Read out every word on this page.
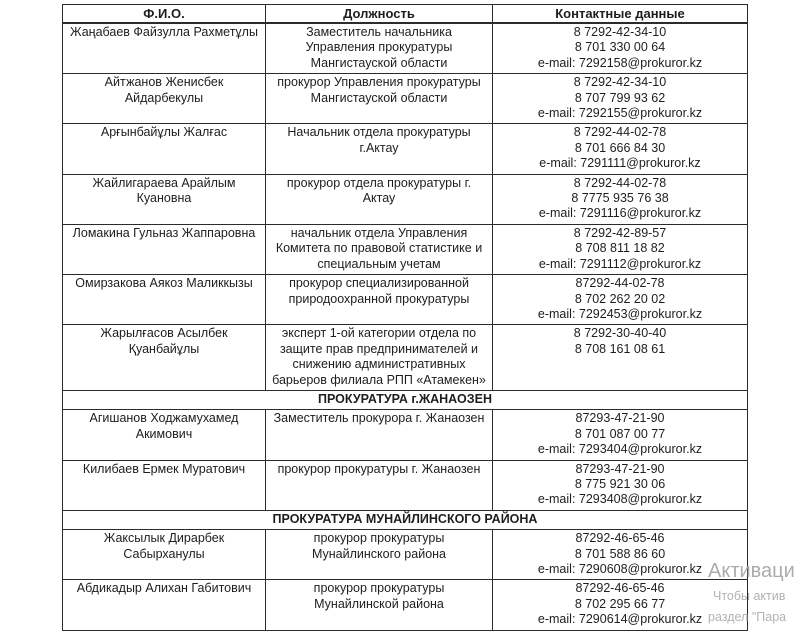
Ф.И.О.	Должность	Контактные данные
Жаңабаев Файзулла Рахметұлы	Заместитель начальника Управления прокуратуры Мангистауской области	8 7292-42-34-10
8 701 330 00 64
e-mail: 7292158@prokuror.kz

Айтжанов Женисбек Айдарбекулы	прокурор Управления прокуратуры Мангистауской области	8 7292-42-34-10
8 707 799 93 62
e-mail: 7292155@prokuror.kz

Арғынбайұлы Жалғас	Начальник отдела прокуратуры г.Актау	8 7292-44-02-78
8 701 666 84 30
e-mail: 7291111@prokuror.kz

Жайлигараева Арайлым Куановна	прокурор отдела прокуратуры г. Актау	8 7292-44-02-78
8 7775 935 76 38
e-mail: 7291116@prokuror.kz

Ломакина Гульназ Жаппаровна	начальник отдела Управления Комитета по правовой статистике и специальным учетам	8 7292-42-89-57
8 708 811 18 82
e-mail: 7291112@prokuror.kz

Омирзакова Аякоз Маликкызы	прокурор специализированной природоохранной прокуратуры	87292-44-02-78
8 702 262 20 02
e-mail: 7292453@prokuror.kz

Жарылғасов Асылбек Қуанбайұлы	эксперт 1-ой категории отдела по защите прав предпринимателей и снижению административных барьеров филиала РПП «Атамекен»	8 7292-30-40-40
8 708 161 08 61

ПРОКУРАТУРА г.ЖАНАОЗЕН		
Агишанов Ходжамухамед Акимович	Заместитель прокурора г. Жанаозен	87293-47-21-90
8 701 087 00 77
e-mail: 7293404@prokuror.kz

Килибаев Ермек Муратович	прокурор прокуратуры г. Жанаозен	87293-47-21-90
8 775 921 30 06
e-mail: 7293408@prokuror.kz

ПРОКУРАТУРА МУНАЙЛИНСКОГО РАЙОНА		
Жаксылык Дирарбек Сабырханулы	прокурор прокуратуры Мунайлинского района	87292-46-65-46
8 701 588 86 60
e-mail: 7290608@prokuror.kz

Абдикадыр Алихан Габитович	прокурор прокуратуры Мунайлинской района	87292-46-65-46
8 702 295 66 77
e-mail: 7290614@prokuror.kz
Активаци
Чтобы актив
раздел "Пара
